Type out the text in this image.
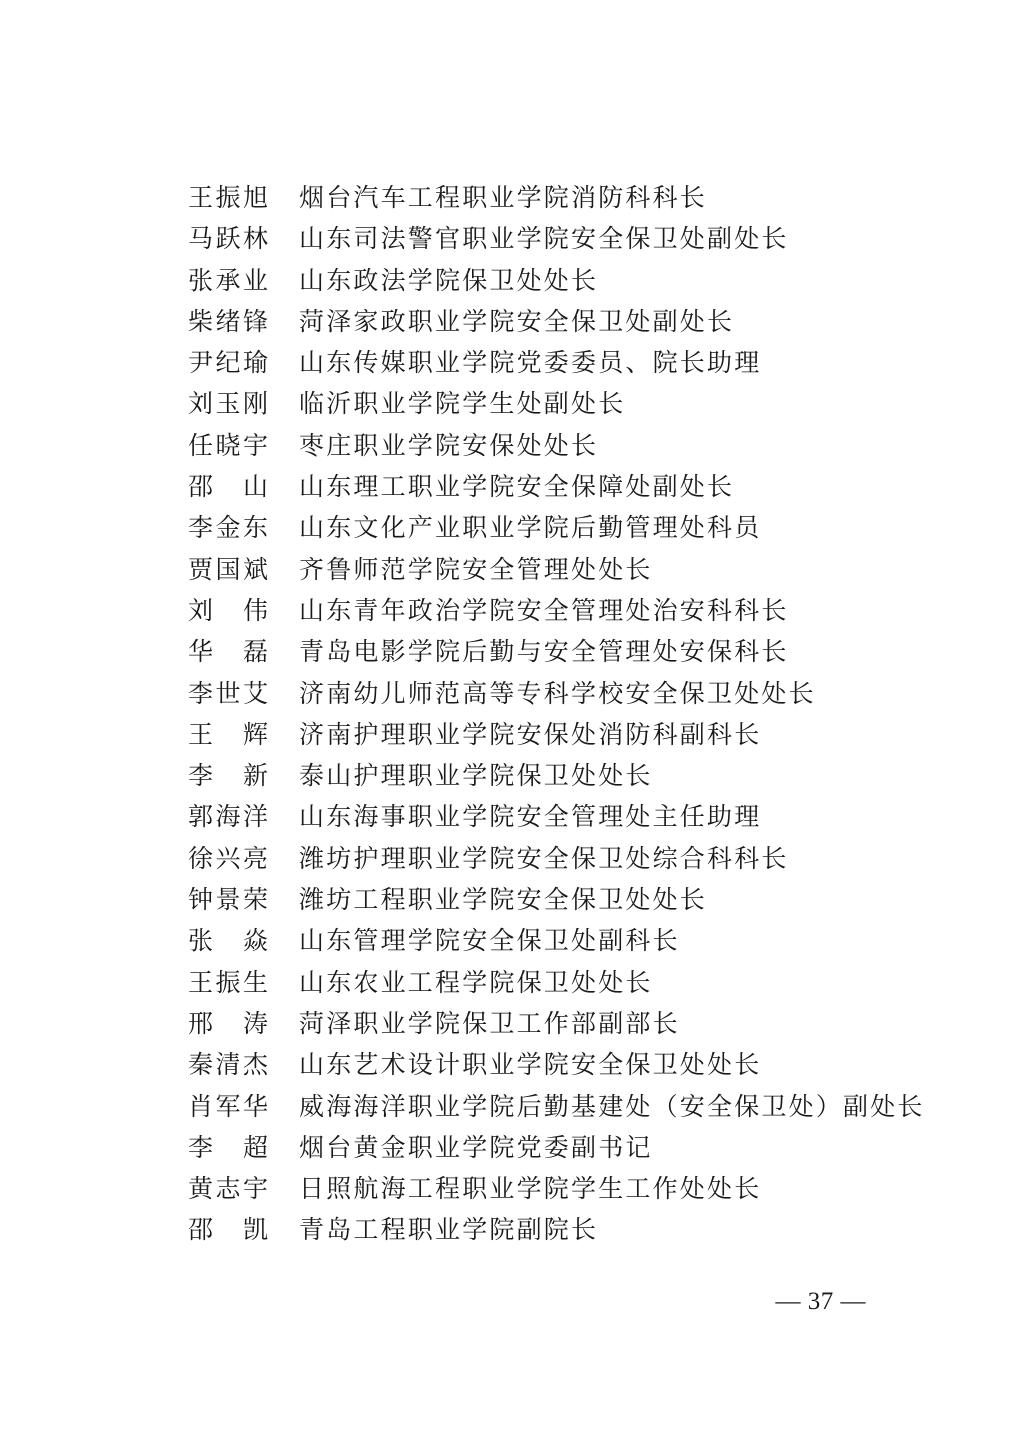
王 振 旭 烟台汽车工程职业学院消防科科长
马 跃 林 山东司法警官职业学院安全保卫处副处长
张 承 业 山东政法学院保卫处处长
柴 绪 锋 菏泽家政职业学院安全保卫处副处长
尹 纪 瑜 山东传媒职业学院党委委员、院长助理
刘 玉 刚 临沂职业学院学生处副处长
任 晓 宇 枣庄职业学院安保处处长
邵 山 山东理工职业学院安全保障处副处长
李 金 东 山东文化产业职业学院后勤管理处科员
贾 国 斌 齐鲁师范学院安全管理处处长
刘 伟 山东青年政治学院安全管理处治安科科长
华 磊 青岛电影学院后勤与安全管理处安保科长
李 世 艾 济南幼儿师范高等专科学校安全保卫处处长
王 辉 济南护理职业学院安保处消防科副科长
李 新 泰山护理职业学院保卫处处长
郭 海 洋 山东海事职业学院安全管理处主任助理
徐 兴 亮 潍坊护理职业学院安全保卫处综合科科长
钟 景 荣 潍坊工程职业学院安全保卫处处长
张 焱 山东管理学院安全保卫处副科长
王 振 生 山东农业工程学院保卫处处长
邢 涛 菏泽职业学院保卫工作部副部长
秦 清 杰 山东艺术设计职业学院安全保卫处处长
肖 军 华 威海海洋职业学院后勤基建处（安全保卫处）副处长
李 超 烟台黄金职业学院党委副书记
黄 志 宇 日照航海工程职业学院学生工作处处长
邵 凯 青岛工程职业学院副院长
— 37 —
